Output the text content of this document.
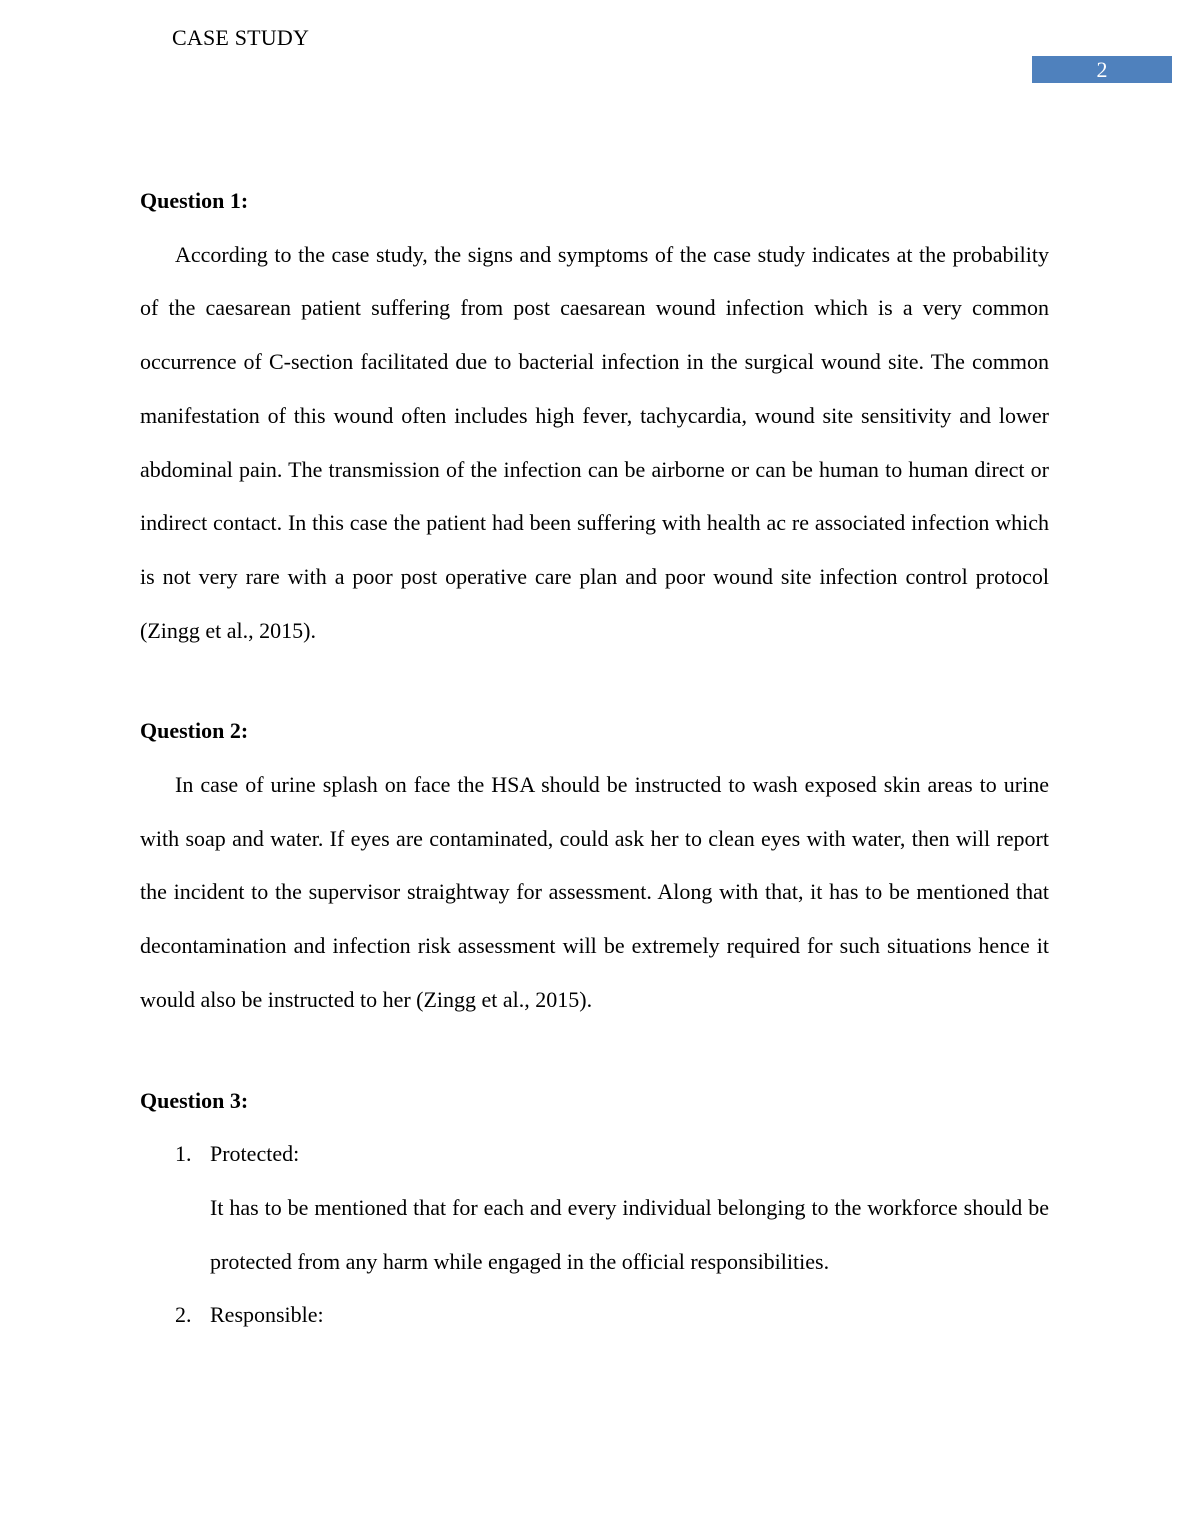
CASE STUDY
2

Question 1:

According to the case study, the signs and symptoms of the case study indicates at the probability of the caesarean patient suffering from post caesarean wound infection which is a very common occurrence of C-section facilitated due to bacterial infection in the surgical wound site. The common manifestation of this wound often includes high fever, tachycardia, wound site sensitivity and lower abdominal pain. The transmission of the infection can be airborne or can be human to human direct or indirect contact. In this case the patient had been suffering with health ac re associated infection which is not very rare with a poor post operative care plan and poor wound site infection control protocol (Zingg et al., 2015).

Question 2:

In case of urine splash on face the HSA should be instructed to wash exposed skin areas to urine with soap and water. If eyes are contaminated, could ask her to clean eyes with water, then will report the incident to the supervisor straightway for assessment. Along with that, it has to be mentioned that decontamination and infection risk assessment will be extremely required for such situations hence it would also be instructed to her (Zingg et al., 2015).

Question 3:

1. Protected:

It has to be mentioned that for each and every individual belonging to the workforce should be protected from any harm while engaged in the official responsibilities.

2. Responsible:
